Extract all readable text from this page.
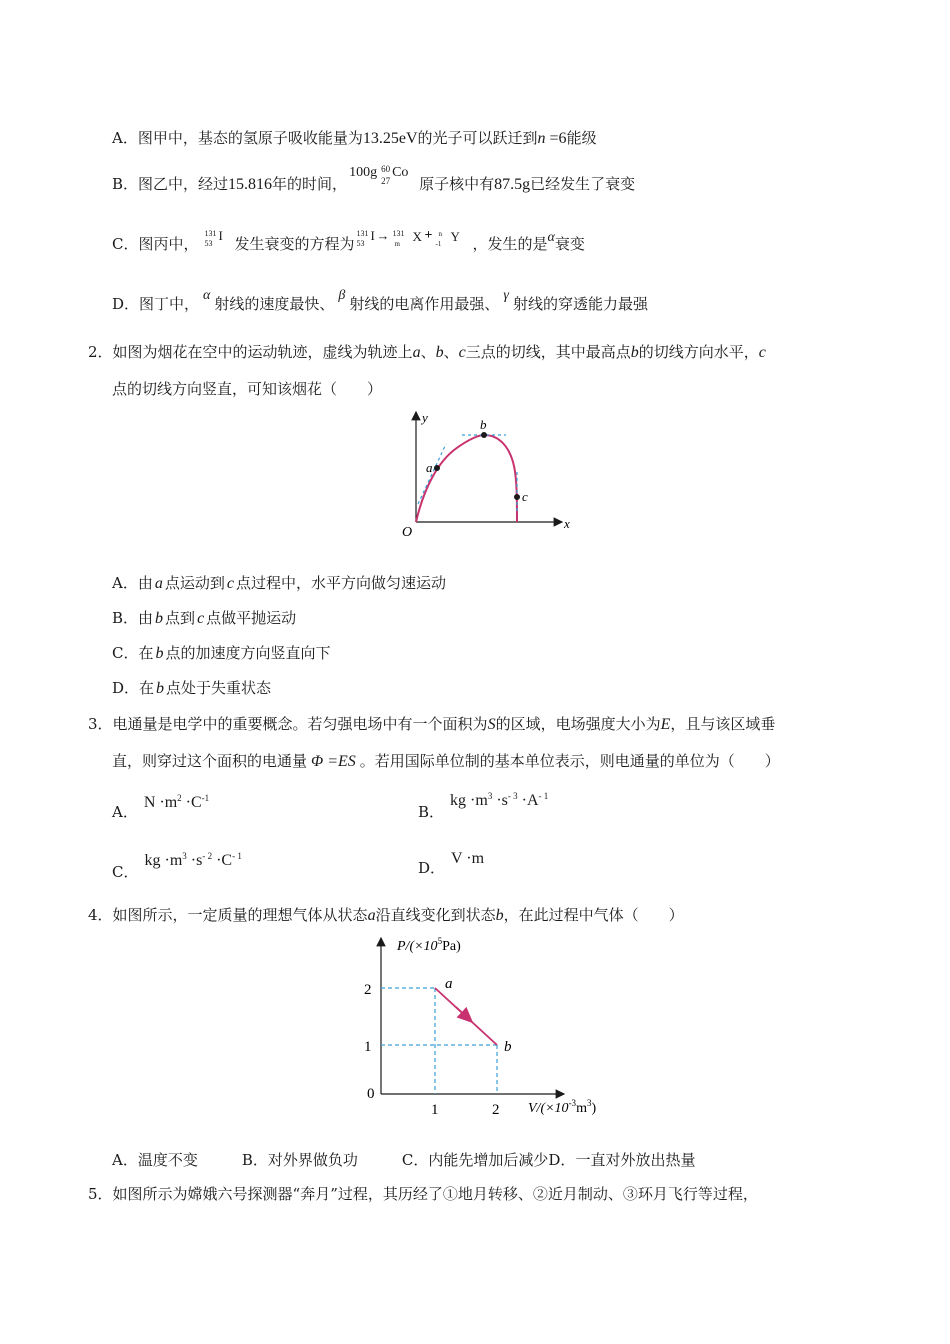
A．图甲中，基态的氢原子吸收能量为13.25eV的光子可以跃迁到n =6能级
B．图乙中，经过15.816年的时间，
100g 60
27
Co
原子核中有87.5g已经发生了衰变
C．图丙中，
131
53
I 发生衰变的方程为
131
53
I → 131
m X + n
-1 Y ，发生的是α衰变
D．图丁中， α 射线的速度最快、 β 射线的电离作用最强、 γ 射线的穿透能力最强
2．如图为烟花在空中的运动轨迹，虚线为轨迹上a、b、c三点的切线，其中最高点b的切线方向水平，c
点的切线方向竖直，可知该烟花（　　）
y
x
O
a
b
c
A．由 a 点运动到 c 点过程中，水平方向做匀速运动
B．由 b 点到 c 点做平抛运动
C．在 b 点的加速度方向竖直向下
D．在 b 点处于失重状态
3．电通量是电学中的重要概念。若匀强电场中有一个面积为S的区域，电场强度大小为E，且与该区域垂
直，则穿过这个面积的电通量 Φ =ES 。若用国际单位制的基本单位表示，则电通量的单位为（　　）
A．$N \cdot m^2 \cdot C^{-1}$
B．kg $\cdot m^3 \cdot s^{- 3} \cdot A^{- 1}$
C．kg $\cdot m^3 \cdot s^{- 2} \cdot C^{- 1}$
D．V ·m
4．如图所示，一定质量的理想气体从状态a沿直线变化到状态b，在此过程中气体（　　）
$P/(\times 10^5Pa)$
$V/(\times 10^{-3}m^3)$
0
2
1
1	2
a
b
A．温度不变	B．对外界做负功	C．内能先增加后减少D．一直对外放出热量
5．如图所示为嫦娥六号探测器“奔月”过程，其历经了①地月转移、②近月制动、③环月飞行等过程，
